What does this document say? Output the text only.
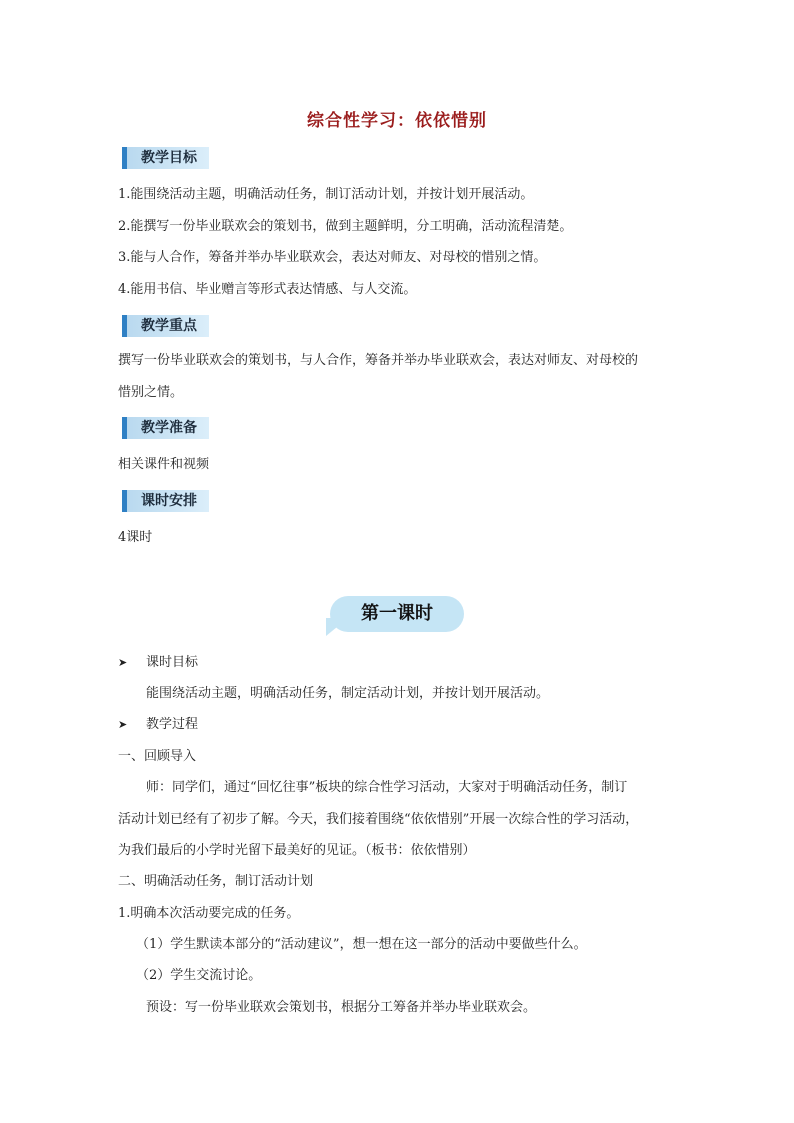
综合性学习：依依惜别
教学目标
1.能围绕活动主题，明确活动任务，制订活动计划，并按计划开展活动。
2.能撰写一份毕业联欢会的策划书，做到主题鲜明，分工明确，活动流程清楚。
3.能与人合作，筹备并举办毕业联欢会，表达对师友、对母校的惜别之情。
4.能用书信、毕业赠言等形式表达情感、与人交流。
教学重点
撰写一份毕业联欢会的策划书，与人合作，筹备并举办毕业联欢会，表达对师友、对母校的
惜别之情。
教学准备
相关课件和视频
课时安排
4课时
第一课时
➤ 课时目标
能围绕活动主题，明确活动任务，制定活动计划，并按计划开展活动。
➤ 教学过程
一、回顾导入
师：同学们，通过“回忆往事”板块的综合性学习活动，大家对于明确活动任务，制订
活动计划已经有了初步了解。今天，我们接着围绕“依依惜别”开展一次综合性的学习活动，
为我们最后的小学时光留下最美好的见证。（板书：依依惜别）
二、明确活动任务，制订活动计划
1.明确本次活动要完成的任务。
（1）学生默读本部分的“活动建议”，想一想在这一部分的活动中要做些什么。
（2）学生交流讨论。
预设：写一份毕业联欢会策划书，根据分工筹备并举办毕业联欢会。
